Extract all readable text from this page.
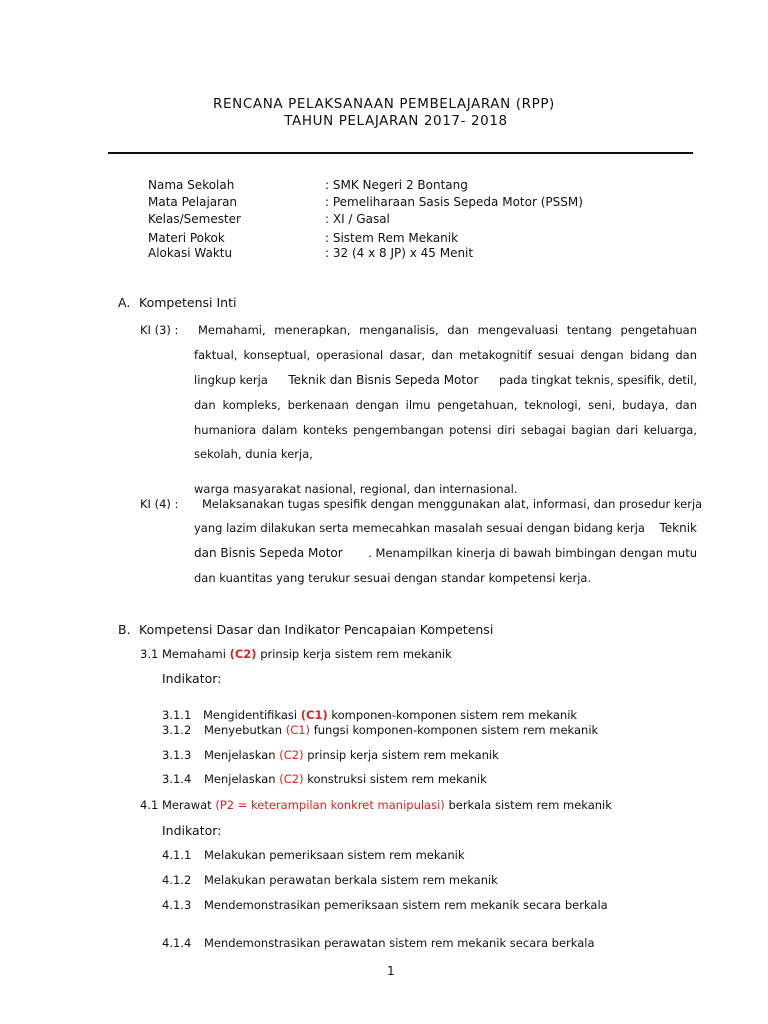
RENCANA PELAKSANAAN PEMBELAJARAN (RPP)
TAHUN PELAJARAN 2017- 2018
Nama Sekolah	: SMK Negeri 2 Bontang
Mata Pelajaran	: Pemeliharaan Sasis Sepeda Motor (PSSM)
Kelas/Semester	: XI / Gasal
Materi Pokok	: Sistem Rem Mekanik
Alokasi Waktu	: 32 (4 x 8 JP) x 45 Menit
A. Kompetensi Inti
KI (3) : Memahami, menerapkan, menganalisis, dan mengevaluasi tentang pengetahuan
faktual, konseptual, operasional dasar, dan metakognitif sesuai dengan bidang dan
lingkup kerja Teknik dan Bisnis Sepeda Motor pada tingkat teknis, spesifik, detil,
dan kompleks, berkenaan dengan ilmu pengetahuan, teknologi, seni, budaya, dan
humaniora dalam konteks pengembangan potensi diri sebagai bagian dari keluarga,
sekolah, dunia kerja,
warga masyarakat nasional, regional, dan internasional.
KI (4) : Melaksanakan tugas spesifik dengan menggunakan alat, informasi, dan prosedur kerja
yang lazim dilakukan serta memecahkan masalah sesuai dengan bidang kerja Teknik
dan Bisnis Sepeda Motor . Menampilkan kinerja di bawah bimbingan dengan mutu
dan kuantitas yang terukur sesuai dengan standar kompetensi kerja.
B. Kompetensi Dasar dan Indikator Pencapaian Kompetensi
3.1 Memahami (C2) prinsip kerja sistem rem mekanik
Indikator:
3.1.1 Mengidentifikasi (C1) komponen-komponen sistem rem mekanik
3.1.2 Menyebutkan (C1) fungsi komponen-komponen sistem rem mekanik
3.1.3 Menjelaskan (C2) prinsip kerja sistem rem mekanik
3.1.4 Menjelaskan (C2) konstruksi sistem rem mekanik
4.1 Merawat (P2 = keterampilan konkret manipulasi) berkala sistem rem mekanik
Indikator:
4.1.1 Melakukan pemeriksaan sistem rem mekanik
4.1.2 Melakukan perawatan berkala sistem rem mekanik
4.1.3 Mendemonstrasikan pemeriksaan sistem rem mekanik secara berkala
4.1.4 Mendemonstrasikan perawatan sistem rem mekanik secara berkala
1
